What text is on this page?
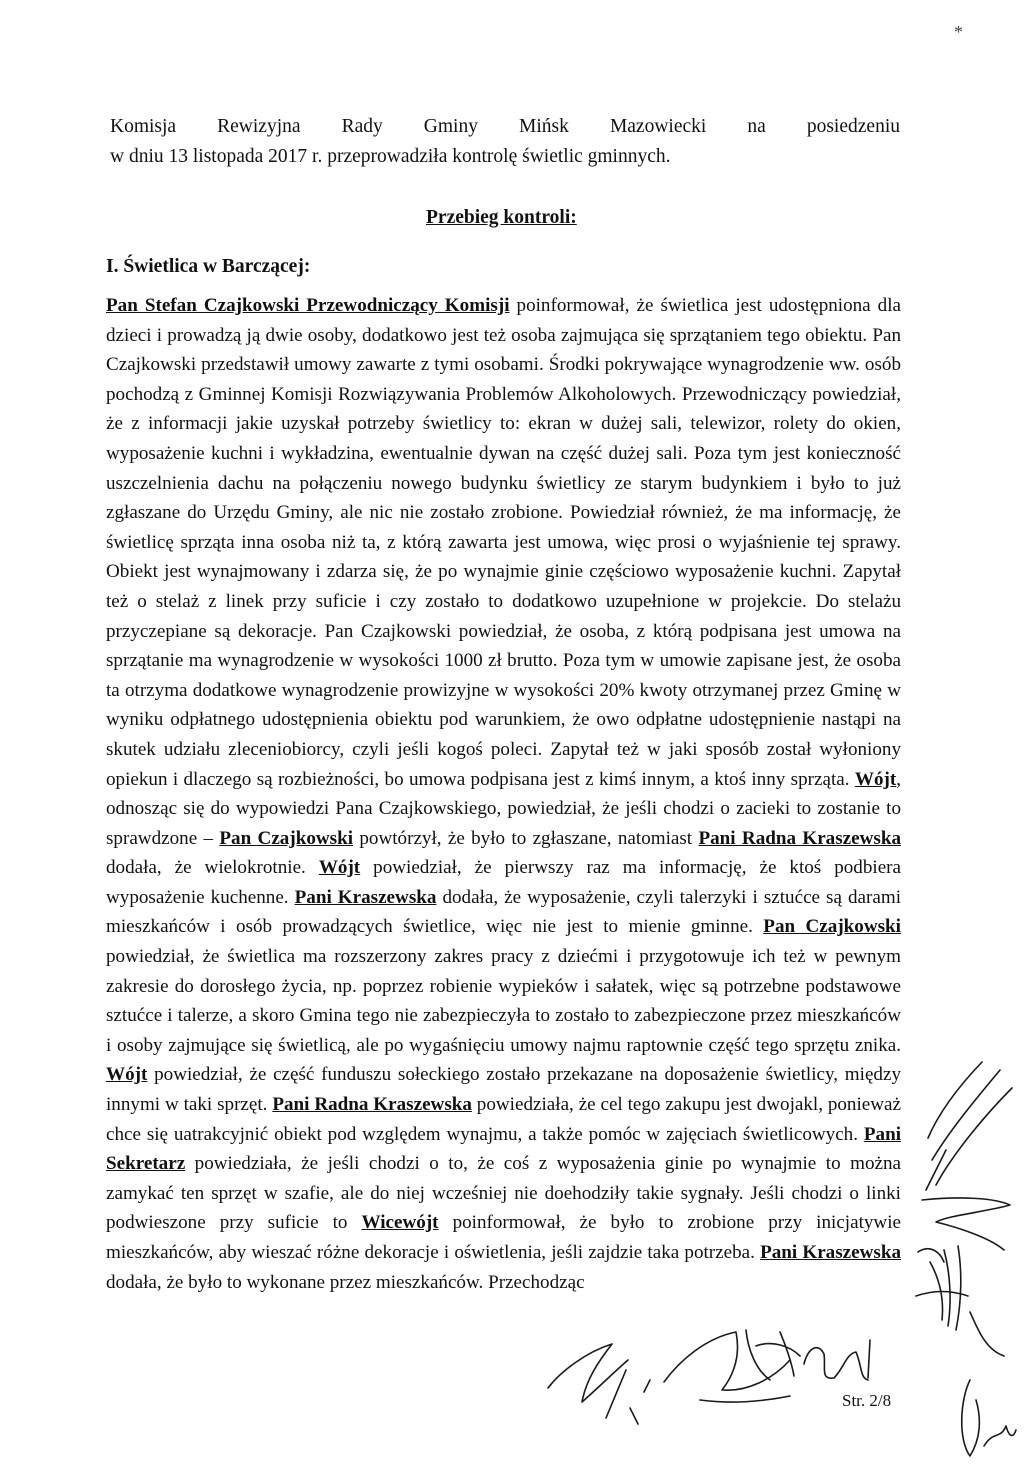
*
Komisja Rewizyjna Rady Gminy Mińsk Mazowiecki na posiedzeniu
w dniu 13 listopada 2017 r. przeprowadziła kontrolę świetlic gminnych.
Przebieg kontroli:
I. Świetlica w Barczącej:

Pan Stefan Czajkowski Przewodniczący Komisji poinformował, że świetlica jest udostępniona dla dzieci i prowadzą ją dwie osoby, dodatkowo jest też osoba zajmująca się sprzątaniem tego obiektu. Pan Czajkowski przedstawił umowy zawarte z tymi osobami. Środki pokrywające wynagrodzenie ww. osób pochodzą z Gminnej Komisji Rozwiązywania Problemów Alkoholowych. Przewodniczący powiedział, że z informacji jakie uzyskał potrzeby świetlicy to: ekran w dużej sali, telewizor, rolety do okien, wyposażenie kuchni i wykładzina, ewentualnie dywan na część dużej sali. Poza tym jest konieczność uszczelnienia dachu na połączeniu nowego budynku świetlicy ze starym budynkiem i było to już zgłaszane do Urzędu Gminy, ale nic nie zostało zrobione. Powiedział również, że ma informację, że świetlicę sprząta inna osoba niż ta, z którą zawarta jest umowa, więc prosi o wyjaśnienie tej sprawy. Obiekt jest wynajmowany i zdarza się, że po wynajmie ginie częściowo wyposażenie kuchni. Zapytał też o stelaż z linek przy suficie i czy zostało to dodatkowo uzupełnione w projekcie. Do stelażu przyczepiane są dekoracje. Pan Czajkowski powiedział, że osoba, z którą podpisana jest umowa na sprzątanie ma wynagrodzenie w wysokości 1000 zł brutto. Poza tym w umowie zapisane jest, że osoba ta otrzyma dodatkowe wynagrodzenie prowizyjne w wysokości 20% kwoty otrzymanej przez Gminę w wyniku odpłatnego udostępnienia obiektu pod warunkiem, że owo odpłatne udostępnienie nastąpi na skutek udziału zleceniobiorcy, czyli jeśli kogoś poleci. Zapytał też w jaki sposób został wyłoniony opiekun i dlaczego są rozbieżności, bo umowa podpisana jest z kimś innym, a ktoś inny sprząta. Wójt, odnosząc się do wypowiedzi Pana Czajkowskiego, powiedział, że jeśli chodzi o zacieki to zostanie to sprawdzone – Pan Czajkowski powtórzył, że było to zgłaszane, natomiast Pani Radna Kraszewska dodała, że wielokrotnie. Wójt powiedział, że pierwszy raz ma informację, że ktoś podbiera wyposażenie kuchenne. Pani Kraszewska dodała, że wyposażenie, czyli talerzyki i sztućce są darami mieszkańców i osób prowadzących świetlice, więc nie jest to mienie gminne. Pan Czajkowski powiedział, że świetlica ma rozszerzony zakres pracy z dziećmi i przygotowuje ich też w pewnym zakresie do dorosłego życia, np. poprzez robienie wypieków i sałatek, więc są potrzebne podstawowe sztućce i talerze, a skoro Gmina tego nie zabezpieczyła to zostało to zabezpieczone przez mieszkańców i osoby zajmujące się świetlicą, ale po wygaśnięciu umowy najmu raptownie część tego sprzętu znika. Wójt powiedział, że część funduszu sołeckiego zostało przekazane na doposażenie świetlicy, między innymi w taki sprzęt. Pani Radna Kraszewska powiedziała, że cel tego zakupu jest dwojakl, ponieważ chce się uatrakcyjnić obiekt pod względem wynajmu, a także pomóc w zajęciach świetlicowych. Pani Sekretarz powiedziała, że jeśli chodzi o to, że coś z wyposażenia ginie po wynajmie to można zamykać ten sprzęt w szafie, ale do niej wcześniej nie doehodziły takie sygnały. Jeśli chodzi o linki podwieszone przy suficie to Wicewójt poinformował, że było to zrobione przy inicjatywie mieszkańców, aby wieszać różne dekoracje i oświetlenia, jeśli zajdzie taka potrzeba. Pani Kraszewska dodała, że było to wykonane przez mieszkańców. Przechodząc

Str. 2/8
